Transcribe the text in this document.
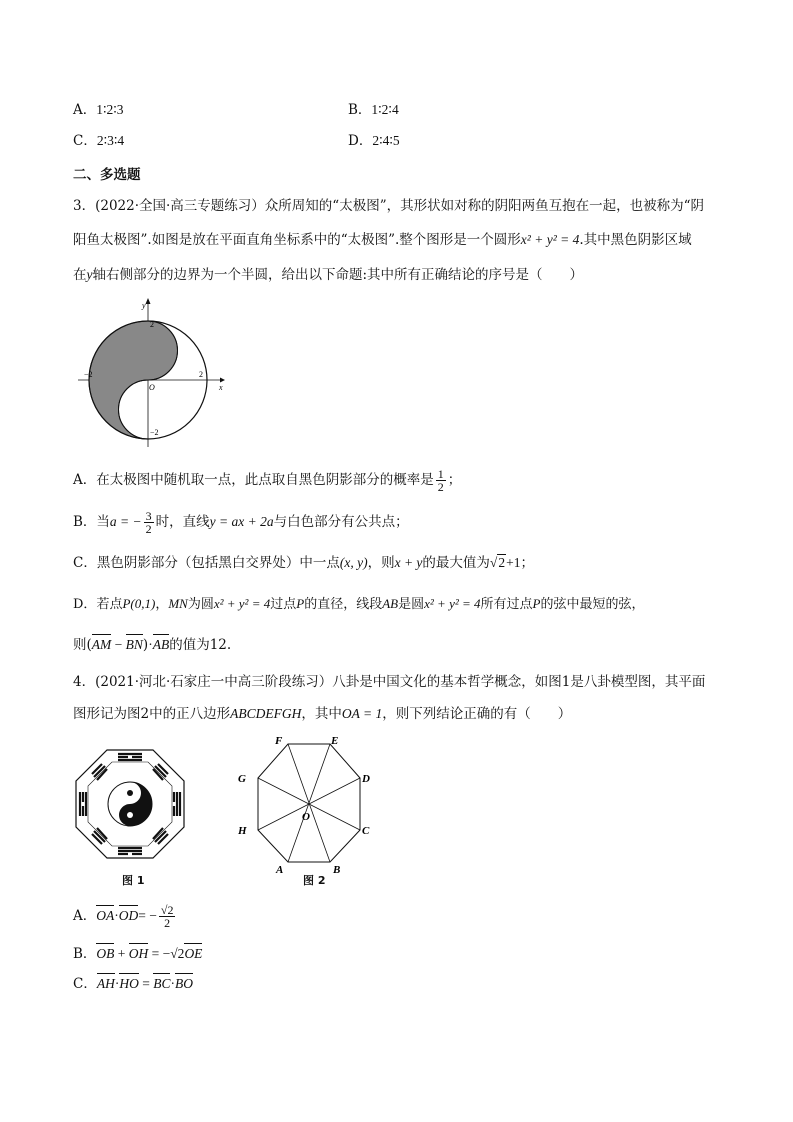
A．1∶2∶3	B．1∶2∶4
C．2∶3∶4	D．2∶4∶5
二、多选题
3．(2022·全国·高三专题练习）众所周知的“太极图”，其形状如对称的阴阳两鱼互抱在一起，也被称为“阴
阳鱼太极图”.如图是放在平面直角坐标系中的“太极图”.整个图形是一个圆形x² + y² = 4.其中黑色阴影区域
在y轴右侧部分的边界为一个半圆，给出以下命题:其中所有正确结论的序号是（　　）
y
x
O
2
−2
2
−2
A．在太极图中随机取一点，此点取自黑色阴影部分的概率是 $\frac{1}{2}$ ；
B．当a = − $\frac{3}{2}$ 时，直线y = ax + 2a与白色部分有公共点；
C．黑色阴影部分（包括黑白交界处）中一点(x, y)，则x + y的最大值为√2+1；
D．若点P(0,1)，MN为圆x² + y² = 4过点P的直径，线段AB是圆x² + y² = 4所有过点P的弦中最短的弦，
则(AM − BN)·AB的值为12.
4．(2021·河北·石家庄一中高三阶段练习）八卦是中国文化的基本哲学概念，如图1是八卦模型图，其平面
图形记为图2中的正八边形ABCDEFGH，其中OA = 1，则下列结论正确的有（　　）
图 1
F	E
D
C
B
A
H
G
O
图 2
A．$OA\cdot OD= - \frac{√2}{2}$
B．OB + OH = −√2OE
C．AH·HO = BC·BO
